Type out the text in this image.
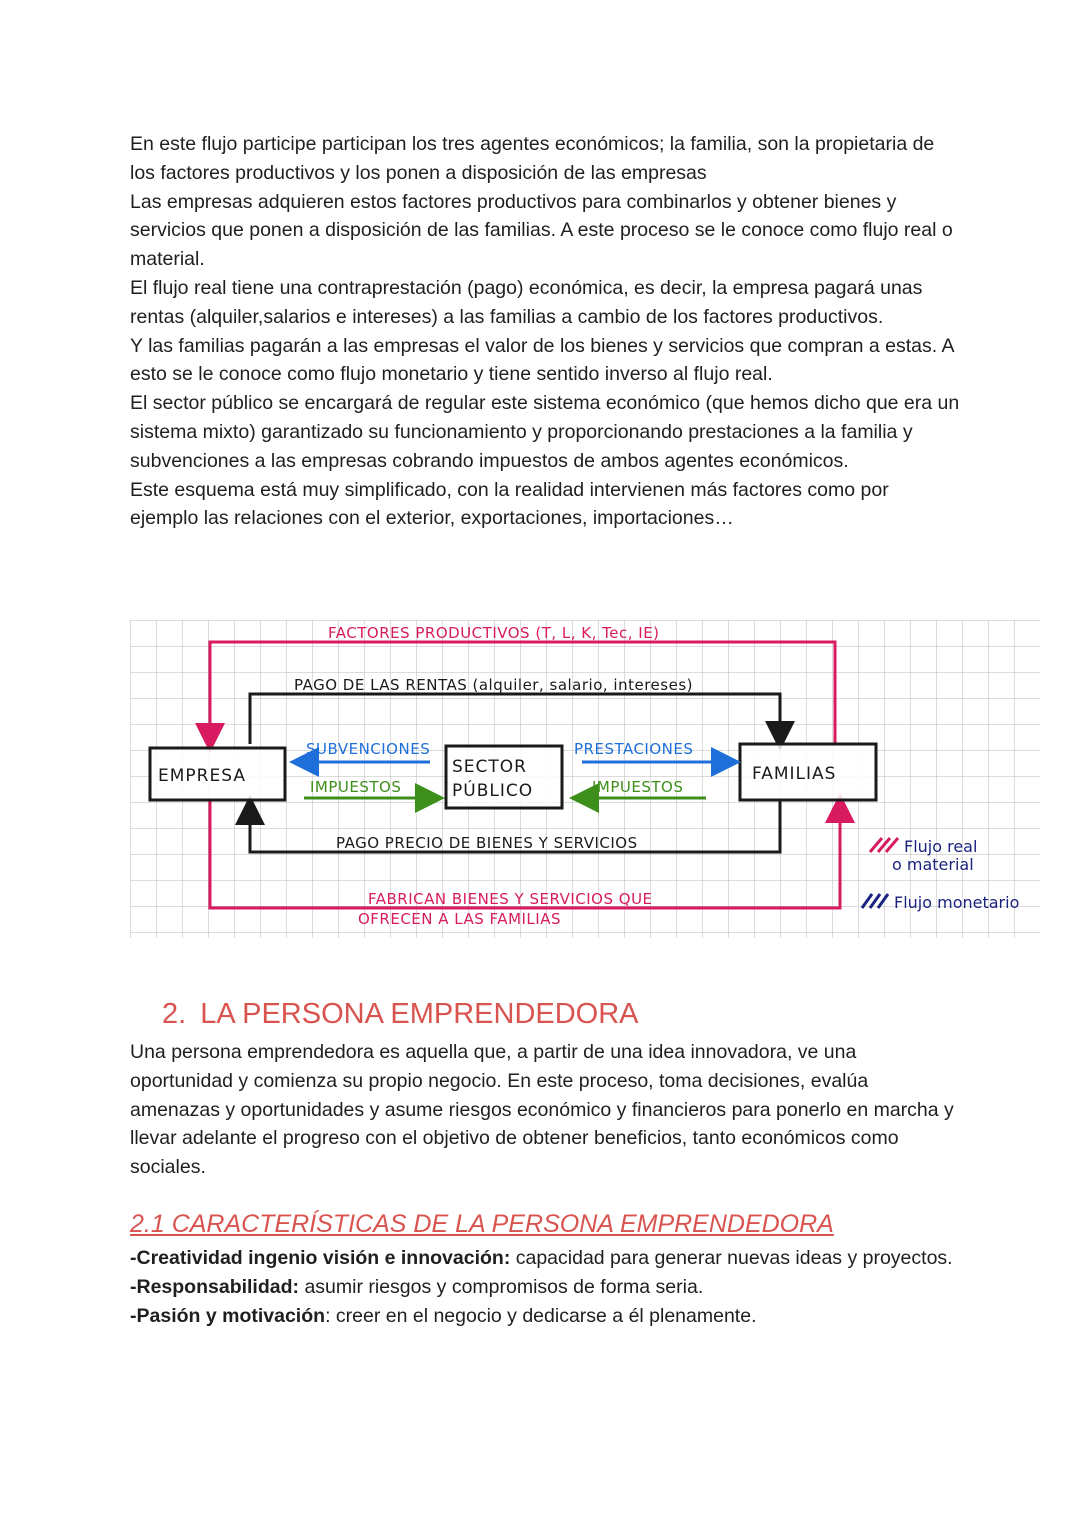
En este flujo participe participan los tres agentes económicos; la familia, son la propietaria de los factores productivos y los ponen a disposición de las empresas

Las empresas adquieren estos factores productivos para combinarlos y obtener bienes y servicios que ponen a disposición de las familias. A este proceso se le conoce como flujo real o material.

El flujo real tiene una contraprestación (pago) económica, es decir, la empresa pagará unas rentas (alquiler,salarios e intereses) a las familias a cambio de los factores productivos.

Y las familias pagarán a las empresas el valor de los bienes y servicios que compran a estas. A esto se le conoce como flujo monetario y tiene sentido inverso al flujo real.

El sector público se encargará de regular este sistema económico (que hemos dicho que era un sistema mixto) garantizado su funcionamiento y proporcionando prestaciones a la familia y subvenciones a las empresas cobrando impuestos de ambos agentes económicos.

Este esquema está muy simplificado, con la realidad intervienen más factores como por ejemplo las relaciones con el exterior, exportaciones, importaciones…

FACTORES PRODUCTIVOS (T, L, K, Tec, IE)
PAGO DE LAS RENTAS (alquiler, salario, intereses)
SUBVENCIONES
IMPUESTOS
PRESTACIONES
IMPUESTOS
PAGO PRECIO DE BIENES Y SERVICIOS
FABRICAN BIENES Y SERVICIOS QUE
OFRECEN A LAS FAMILIAS
EMPRESA	SECTOR
PÚBLICO
FAMILIAS
Flujo real
o material
Flujo monetario
2. LA PERSONA EMPRENDEDORA

Una persona emprendedora es aquella que, a partir de una idea innovadora, ve una oportunidad y comienza su propio negocio. En este proceso, toma decisiones, evalúa amenazas y oportunidades y asume riesgos económico y financieros para ponerlo en marcha y llevar adelante el progreso con el objetivo de obtener beneficios, tanto económicos como sociales.

2.1 CARACTERÍSTICAS DE LA PERSONA EMPRENDEDORA

-Creatividad ingenio visión e innovación: capacidad para generar nuevas ideas y proyectos.

-Responsabilidad: asumir riesgos y compromisos de forma seria.

-Pasión y motivación: creer en el negocio y dedicarse a él plenamente.
